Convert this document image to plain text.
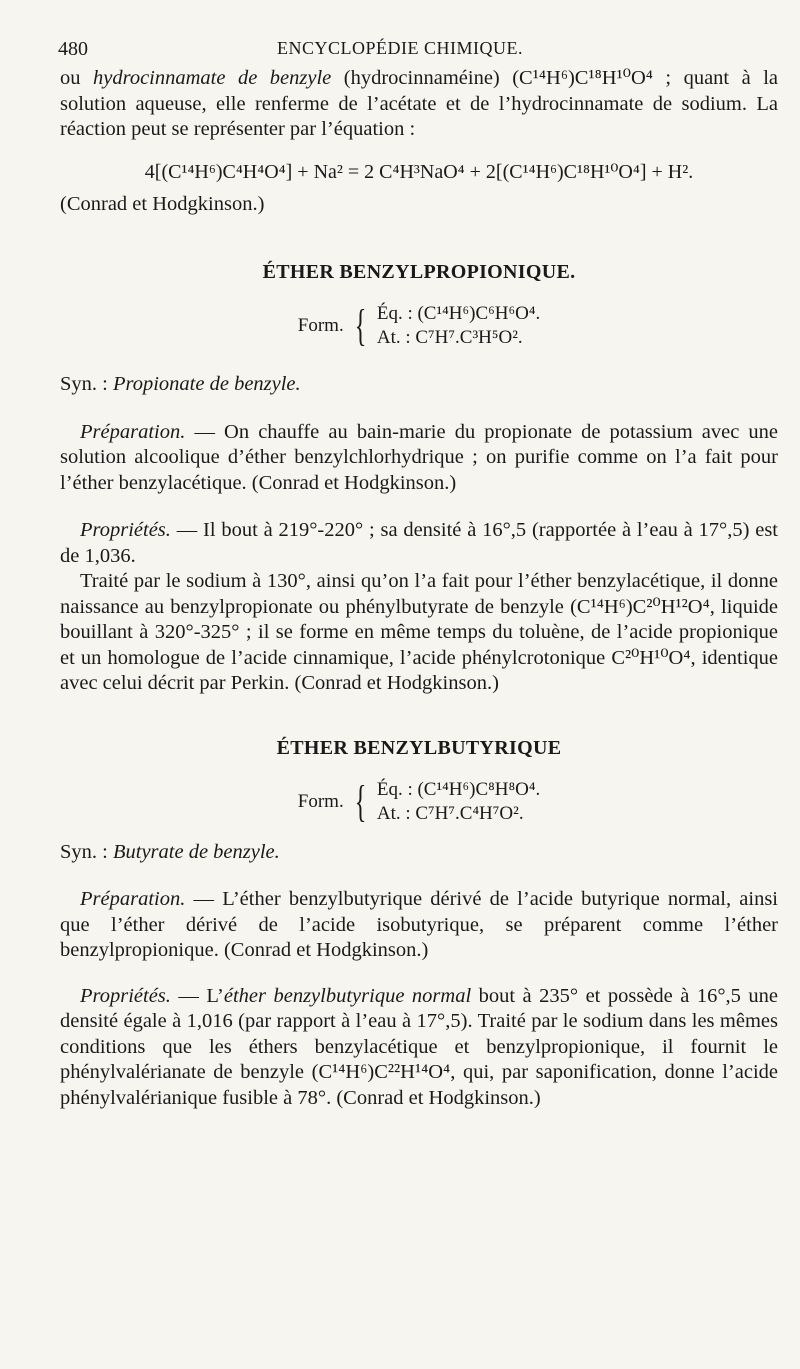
480	ENCYCLOPÉDIE CHIMIQUE.

ou hydrocinnamate de benzyle (hydrocinnaméine) (C¹⁴H⁶)C¹⁸H¹⁰O⁴ ; quant à la solution aqueuse, elle renferme de l’acétate et de l’hydrocinnamate de sodium. La réaction peut se représenter par l’équation :

4[(C¹⁴H⁶)C⁴H⁴O⁴] + Na² = 2 C⁴H³NaO⁴ + 2[(C¹⁴H⁶)C¹⁸H¹⁰O⁴] + H².

(Conrad et Hodgkinson.)

ÉTHER BENZYLPROPIONIQUE.
Form. { Éq. : (C¹⁴H⁶)C⁶H⁶O⁴.
At. : C⁷H⁷.C³H⁵O².

Syn. : Propionate de benzyle.

Préparation. — On chauffe au bain-marie du propionate de potassium avec une solution alcoolique d’éther benzylchlorhydrique ; on purifie comme on l’a fait pour l’éther benzylacétique. (Conrad et Hodgkinson.)

Propriétés. — Il bout à 219°-220° ; sa densité à 16°,5 (rapportée à l’eau à 17°,5) est de 1,036.

Traité par le sodium à 130°, ainsi qu’on l’a fait pour l’éther benzylacétique, il donne naissance au benzylpropionate ou phénylbutyrate de benzyle (C¹⁴H⁶)C²⁰H¹²O⁴, liquide bouillant à 320°-325° ; il se forme en même temps du toluène, de l’acide propionique et un homologue de l’acide cinnamique, l’acide phénylcrotonique C²⁰H¹⁰O⁴, identique avec celui décrit par Perkin. (Conrad et Hodgkinson.)

ÉTHER BENZYLBUTYRIQUE
Form. { Éq. : (C¹⁴H⁶)C⁸H⁸O⁴.
At. : C⁷H⁷.C⁴H⁷O².

Syn. : Butyrate de benzyle.

Préparation. — L’éther benzylbutyrique dérivé de l’acide butyrique normal, ainsi que l’éther dérivé de l’acide isobutyrique, se préparent comme l’éther benzylpropionique. (Conrad et Hodgkinson.)

Propriétés. — L’éther benzylbutyrique normal bout à 235° et possède à 16°,5 une densité égale à 1,016 (par rapport à l’eau à 17°,5). Traité par le sodium dans les mêmes conditions que les éthers benzylacétique et benzylpropionique, il fournit le phénylvalérianate de benzyle (C¹⁴H⁶)C²²H¹⁴O⁴, qui, par saponification, donne l’acide phénylvalérianique fusible à 78°. (Conrad et Hodgkinson.)
